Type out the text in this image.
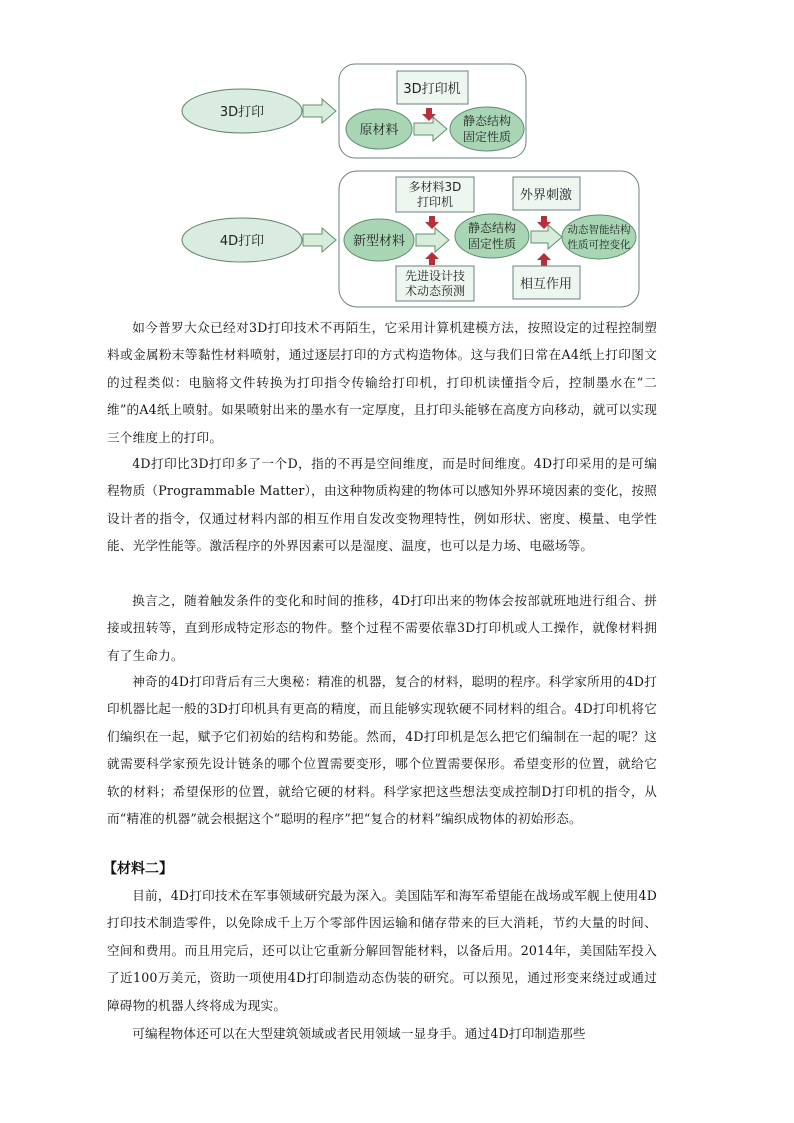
3D打印
3D打印机
原材料
静态结构
固定性质
4D打印
多材料3D
打印机
新型材料
静态结构
固定性质
先进设计技
术动态预测
外界刺激
动态智能结构
性质可控变化
相互作用

如今普罗大众已经对3D打印技术不再陌生，它采用计算机建模方法，按照设定的过程控制塑料或金属粉末等黏性材料喷射，通过逐层打印的方式构造物体。这与我们日常在A4纸上打印图文的过程类似：电脑将文件转换为打印指令传输给打印机，打印机读懂指令后，控制墨水在“二维”的A4纸上喷射。如果喷射出来的墨水有一定厚度，且打印头能够在高度方向移动，就可以实现三个维度上的打印。

4D打印比3D打印多了一个D，指的不再是空间维度，而是时间维度。4D打印采用的是可编程物质（Programmable Matter），由这种物质构建的物体可以感知外界环境因素的变化，按照设计者的指令，仅通过材料内部的相互作用自发改变物理特性，例如形状、密度、模量、电学性能、光学性能等。激活程序的外界因素可以是湿度、温度，也可以是力场、电磁场等。

换言之，随着触发条件的变化和时间的推移，4D打印出来的物体会按部就班地进行组合、拼接或扭转等，直到形成特定形态的物件。整个过程不需要依靠3D打印机或人工操作，就像材料拥有了生命力。

神奇的4D打印背后有三大奥秘：精准的机器，复合的材料，聪明的程序。科学家所用的4D打印机器比起一般的3D打印机具有更高的精度，而且能够实现软硬不同材料的组合。4D打印机将它们编织在一起，赋予它们初始的结构和势能。然而，4D打印机是怎么把它们编制在一起的呢？这就需要科学家预先设计链条的哪个位置需要变形，哪个位置需要保形。希望变形的位置，就给它软的材料；希望保形的位置，就给它硬的材料。科学家把这些想法变成控制D打印机的指令，从而“精准的机器”就会根据这个“聪明的程序”把“复合的材料”编织成物体的初始形态。

【材料二】

目前，4D打印技术在军事领域研究最为深入。美国陆军和海军希望能在战场或军舰上使用4D打印技术制造零件，以免除成千上万个零部件因运输和储存带来的巨大消耗，节约大量的时间、空间和费用。而且用完后，还可以让它重新分解回智能材料，以备后用。2014年，美国陆军投入了近100万美元，资助一项使用4D打印制造动态伪装的研究。可以预见，通过形变来绕过或通过障碍物的机器人终将成为现实。

可编程物体还可以在大型建筑领域或者民用领域一显身手。通过4D打印制造那些
